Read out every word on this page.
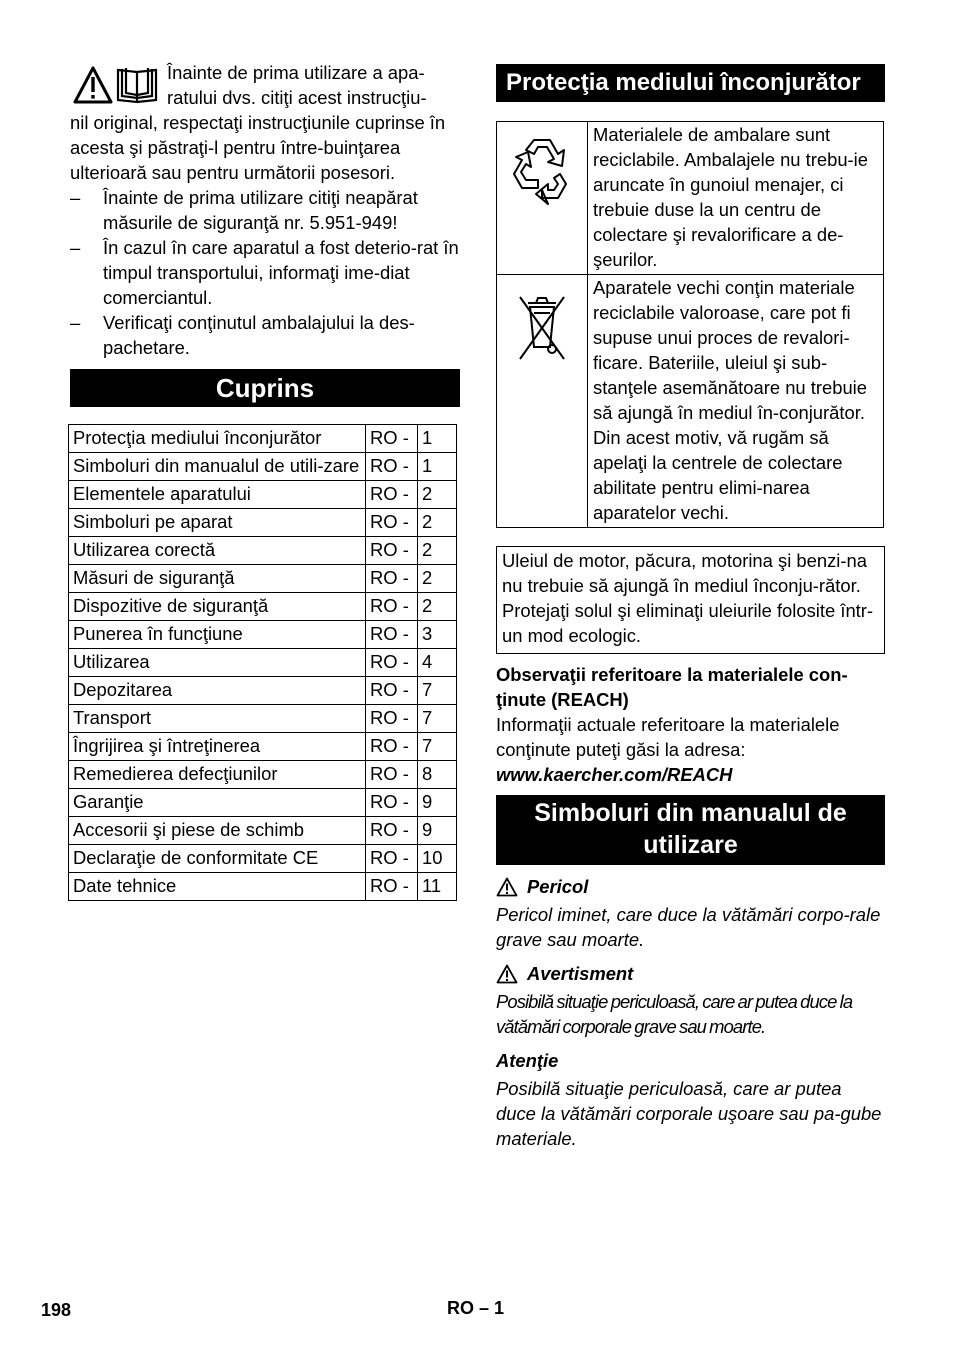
Înainte de prima utilizare a apa-
ratului dvs. citiţi acest instrucţiu-
nil original, respectaţi instrucţiunile cuprinse în acesta şi păstraţi-l pentru între-buinţarea ulterioară sau pentru următorii posesori.
– Înainte de prima utilizare citiţi neapărat măsurile de siguranţă nr. 5.951-949!
– În cazul în care aparatul a fost deterio-rat în timpul transportului, informaţi ime-diat comerciantul.
– Verificaţi conţinutul ambalajului la des-pachetare.
Cuprins
Protecţia mediului înconjurător	RO -	1
Simboluri din manualul de utili-zare	RO -	1
Elementele aparatului	RO -	2
Simboluri pe aparat	RO -	2
Utilizarea corectă	RO -	2
Măsuri de siguranţă	RO -	2
Dispozitive de siguranţă	RO -	2
Punerea în funcţiune	RO -	3
Utilizarea	RO -	4
Depozitarea	RO -	7
Transport	RO -	7
Îngrijirea şi întreţinerea	RO -	7
Remedierea defecţiunilor	RO -	8
Garanţie	RO -	9
Accesorii şi piese de schimb	RO -	9
Declaraţie de conformitate CE	RO -	10
Date tehnice	RO -	11
Protecţia mediului înconjurător
	Materialele de ambalare sunt reciclabile. Ambalajele nu trebu-ie aruncate în gunoiul menajer, ci trebuie duse la un centru de colectare şi revalorificare a de-şeurilor.
	Aparatele vechi conţin materiale reciclabile valoroase, care pot fi supuse unui proces de revalori-ficare. Bateriile, uleiul şi sub-stanţele asemănătoare nu trebuie să ajungă în mediul în-conjurător. Din acest motiv, vă rugăm să apelaţi la centrele de colectare abilitate pentru elimi-narea aparatelor vechi.
Uleiul de motor, păcura, motorina şi benzi-na nu trebuie să ajungă în mediul înconju-rător. Protejaţi solul şi eliminaţi uleiurile folosite într-un mod ecologic.
Observaţii referitoare la materialele con-ţinute (REACH)
Informaţii actuale referitoare la materialele conţinute puteţi găsi la adresa:
www.kaercher.com/REACH
Simboluri din manualul de utilizare
Pericol
Pericol iminet, care duce la vătămări corpo-rale grave sau moarte.
Avertisment
Posibilă situaţie periculoasă, care ar putea duce la vătămări corporale grave sau moarte.
Atenţie
Posibilă situaţie periculoasă, care ar putea duce la vătămări corporale uşoare sau pa-gube materiale.
198	RO – 1
